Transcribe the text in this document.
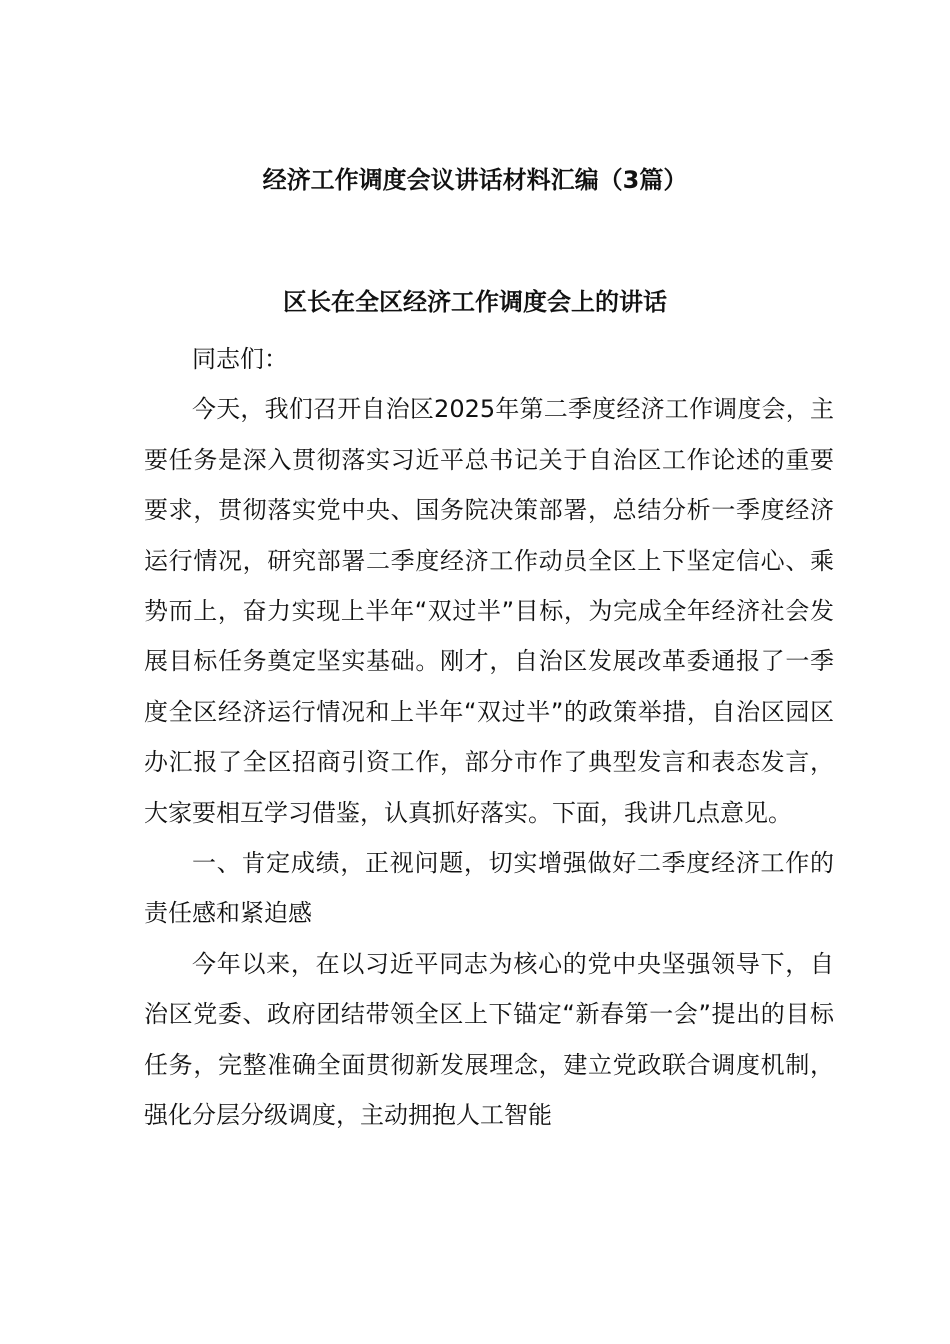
经济工作调度会议讲话材料汇编（3篇）
区长在全区经济工作调度会上的讲话

同志们：

今天，我们召开自治区2025年第二季度经济工作调度会，主要任务是深入贯彻落实习近平总书记关于自治区工作论述的重要要求，贯彻落实党中央、国务院决策部署，总结分析一季度经济运行情况，研究部署二季度经济工作动员全区上下坚定信心、乘势而上，奋力实现上半年“双过半”目标，为完成全年经济社会发展目标任务奠定坚实基础。刚才，自治区发展改革委通报了一季度全区经济运行情况和上半年“双过半”的政策举措，自治区园区办汇报了全区招商引资工作，部分市作了典型发言和表态发言，大家要相互学习借鉴，认真抓好落实。下面，我讲几点意见。

一、肯定成绩，正视问题，切实增强做好二季度经济工作的责任感和紧迫感

今年以来，在以习近平同志为核心的党中央坚强领导下，自治区党委、政府团结带领全区上下锚定“新春第一会”提出的目标任务，完整准确全面贯彻新发展理念，建立党政联合调度机制，强化分层分级调度，主动拥抱人工智能
